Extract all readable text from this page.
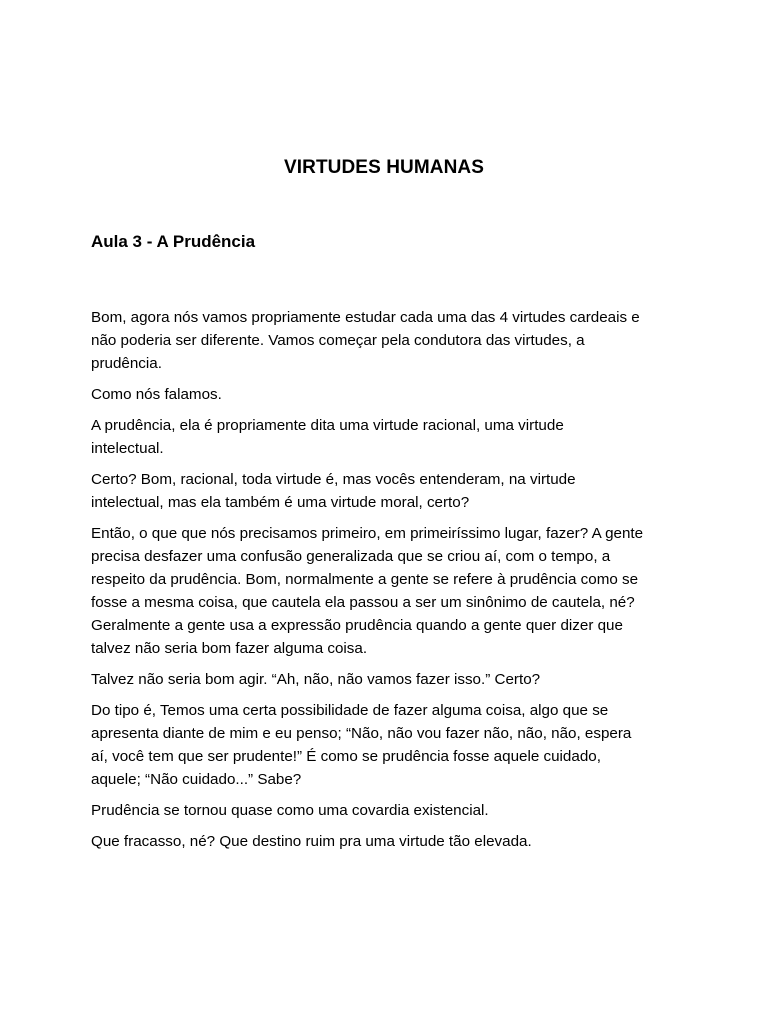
VIRTUDES HUMANAS
Aula 3 - A Prudência

Bom, agora nós vamos propriamente estudar cada uma das 4 virtudes cardeais e
não poderia ser diferente. Vamos começar pela condutora das virtudes, a
prudência.

Como nós falamos.

A prudência, ela é propriamente dita uma virtude racional, uma virtude
intelectual.

Certo? Bom, racional, toda virtude é, mas vocês entenderam, na virtude
intelectual, mas ela também é uma virtude moral, certo?

Então, o que que nós precisamos primeiro, em primeiríssimo lugar, fazer? A gente
precisa desfazer uma confusão generalizada que se criou aí, com o tempo, a
respeito da prudência. Bom, normalmente a gente se refere à prudência como se
fosse a mesma coisa, que cautela ela passou a ser um sinônimo de cautela, né?
Geralmente a gente usa a expressão prudência quando a gente quer dizer que
talvez não seria bom fazer alguma coisa.

Talvez não seria bom agir. “Ah, não, não vamos fazer isso.” Certo?

Do tipo é, Temos uma certa possibilidade de fazer alguma coisa, algo que se
apresenta diante de mim e eu penso; “Não, não vou fazer não, não, não, espera
aí, você tem que ser prudente!” É como se prudência fosse aquele cuidado,
aquele; “Não cuidado...” Sabe?

Prudência se tornou quase como uma covardia existencial.

Que fracasso, né? Que destino ruim pra uma virtude tão elevada.
